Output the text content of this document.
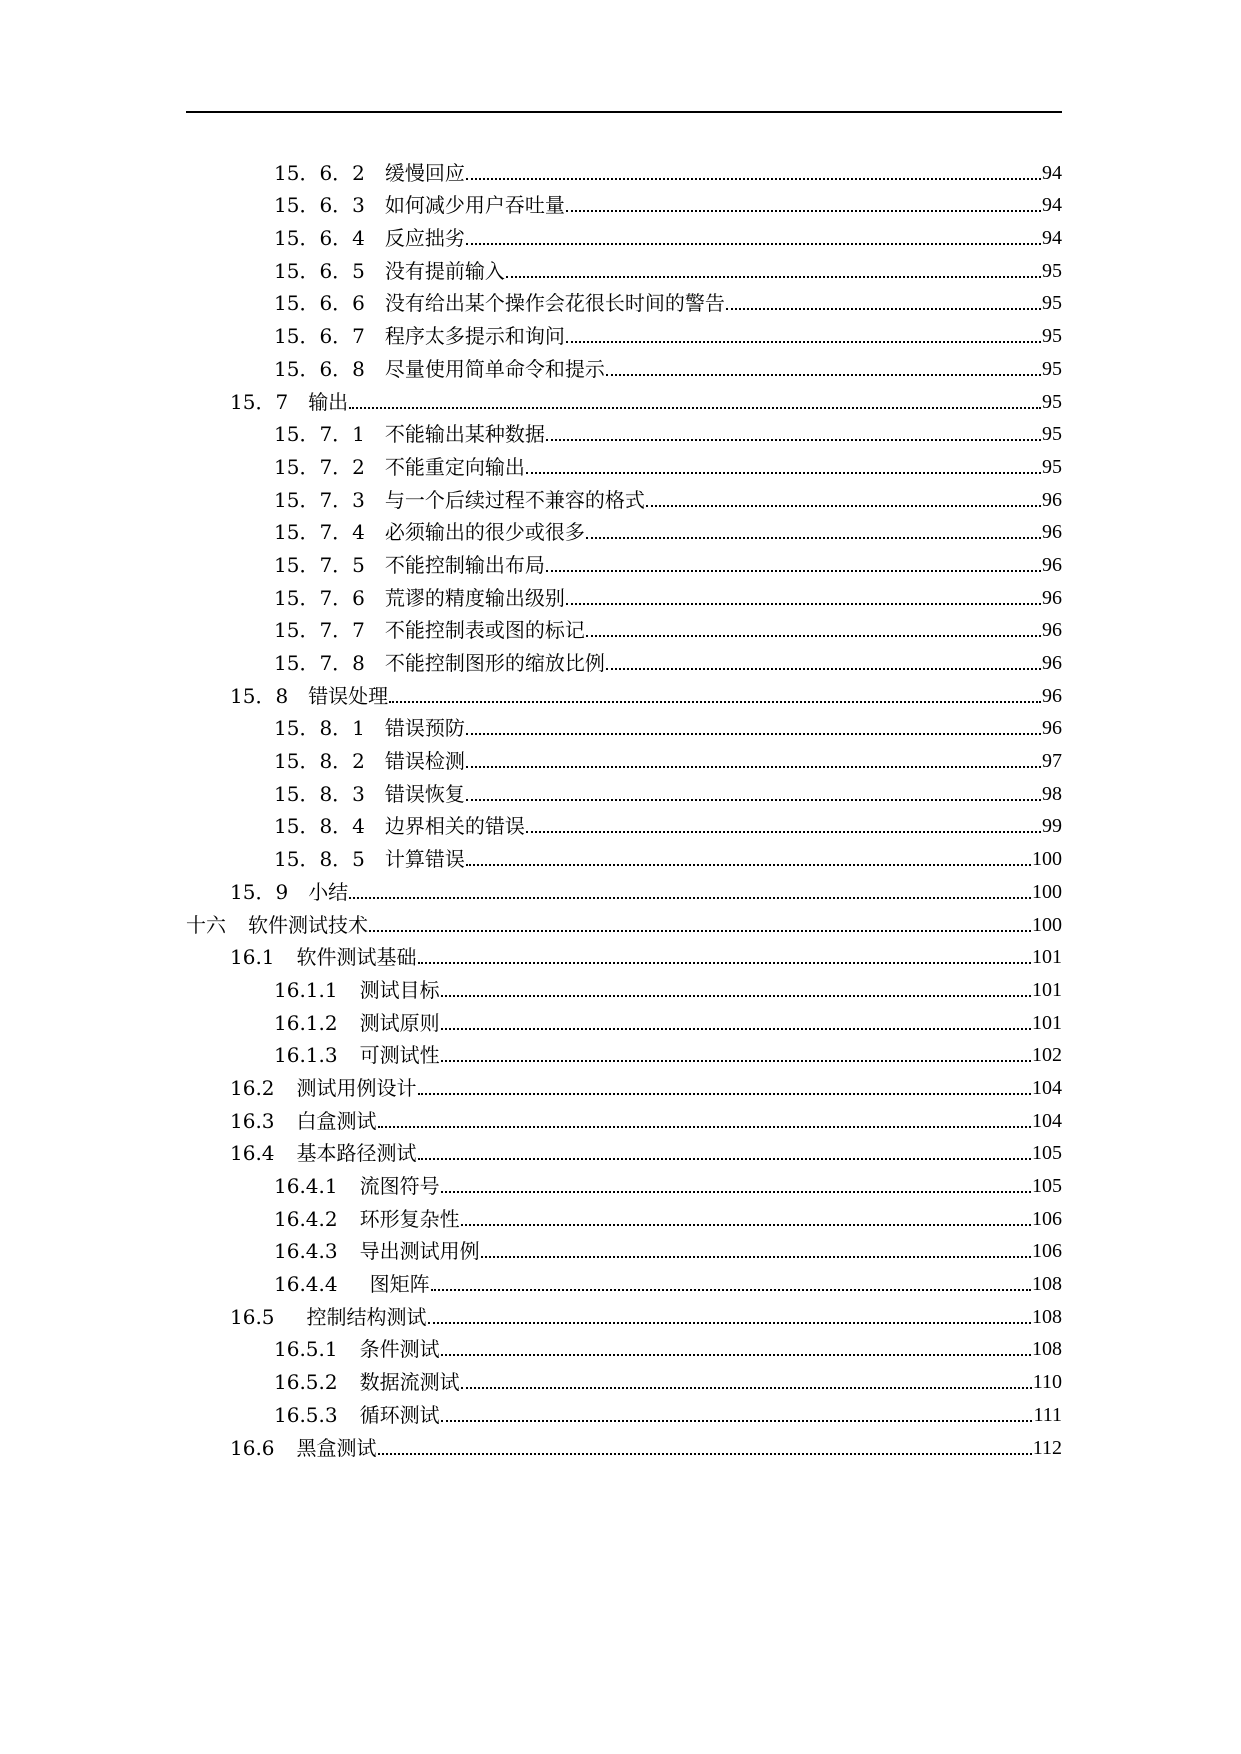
15．6．2 缓慢回应	94
15．6．3 如何减少用户吞吐量	94
15．6．4 反应拙劣	94
15．6．5 没有提前输入	95
15．6．6 没有给出某个操作会花很长时间的警告	95
15．6．7 程序太多提示和询问	95
15．6．8 尽量使用简单命令和提示	95
15．7 输出	95
15．7．1 不能输出某种数据	95
15．7．2 不能重定向输出	95
15．7．3 与一个后续过程不兼容的格式	96
15．7．4 必须输出的很少或很多	96
15．7．5 不能控制输出布局	96
15．7．6 荒谬的精度输出级别	96
15．7．7 不能控制表或图的标记	96
15．7．8 不能控制图形的缩放比例	96
15．8 错误处理	96
15．8．1 错误预防	96
15．8．2 错误检测	97
15．8．3 错误恢复	98
15．8．4 边界相关的错误	99
15．8．5 计算错误	100
15．9 小结	100
十六 软件测试技术	100
16.1 软件测试基础	101
16.1.1 测试目标	101
16.1.2 测试原则	101
16.1.3 可测试性	102
16.2 测试用例设计	104
16.3 白盒测试	104
16.4 基本路径测试	105
16.4.1 流图符号	105
16.4.2 环形复杂性	106
16.4.3 导出测试用例	106
16.4.4 图矩阵	108
16.5 控制结构测试	108
16.5.1 条件测试	108
16.5.2 数据流测试	110
16.5.3 循环测试	111
16.6 黑盒测试	112
